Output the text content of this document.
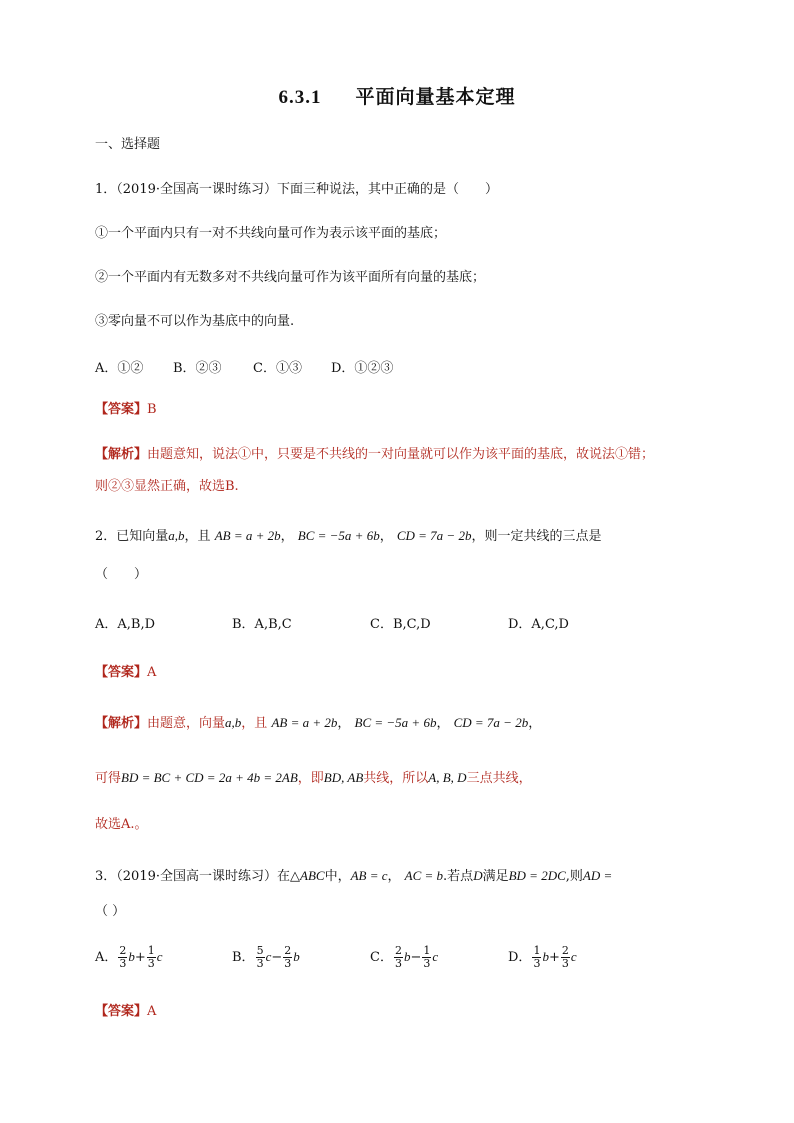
6.3.1 平面向量基本定理
一、选择题
1．（2019·全国高一课时练习）下面三种说法，其中正确的是（　　）
①一个平面内只有一对不共线向量可作为表示该平面的基底；
②一个平面内有无数多对不共线向量可作为该平面所有向量的基底；
③零向量不可以作为基底中的向量.
A．①② B．②③ C．①③ D．①②③
【答案】B
【解析】由题意知，说法①中，只要是不共线的一对向量就可以作为该平面的基底，故说法①错；
则②③显然正确，故选B.
2．已知向量a,b，且 AB = a + 2b， BC = −5a + 6b， CD = 7a − 2b，则一定共线的三点是
（　　）
A．A,B,D	B．A,B,C	C．B,C,D	D．A,C,D
【答案】A
【解析】由题意，向量a,b，且 AB = a + 2b， BC = −5a + 6b， CD = 7a − 2b，
可得BD = BC + CD = 2a + 4b = 2AB，即BD, AB共线，所以A, B, D三点共线，
故选A.。
3．（2019·全国高一课时练习）在△ABC中，AB = c， AC = b.若点D满足BD = 2DC,则AD =
（ ）
A． $\frac{2}{3} b+ \frac{1}{3}$ c	B． $\frac{5}{3} c- \frac{2}{3}$ b	C． $\frac{2}{3} b- \frac{1}{3}$ c	D． $\frac{1}{3} b+ \frac{2}{3}$ c
【答案】A
